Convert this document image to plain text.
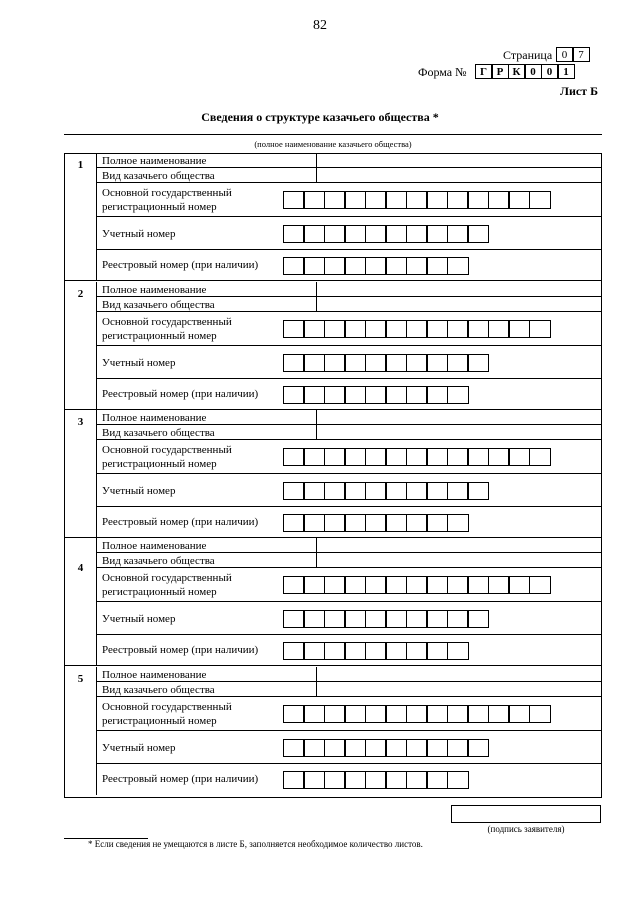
82
Страница 0	7
Форма №	Г Р К 0	0	1
Лист Б
Сведения о структуре казачьего общества *
(полное наименование казачьего общества)
1	Полное наименование
Вид казачьего общества
Основной государственный
регистрационный номер
Учетный номер
Реестровый номер (при наличии)
2	Полное наименование
Вид казачьего общества
Основной государственный
регистрационный номер
Учетный номер
Реестровый номер (при наличии)
3	Полное наименование
Вид казачьего общества
Основной государственный
регистрационный номер
Учетный номер
Реестровый номер (при наличии)
4
Полное наименование
Вид казачьего общества
Основной государственный
регистрационный номер
Учетный номер
Реестровый номер (при наличии)
5	Полное наименование
Вид казачьего общества
Основной государственный
регистрационный номер
Учетный номер
Реестровый номер (при наличии)
(подпись заявителя)
* Если сведения не умещаются в листе Б, заполняется необходимое количество листов.
